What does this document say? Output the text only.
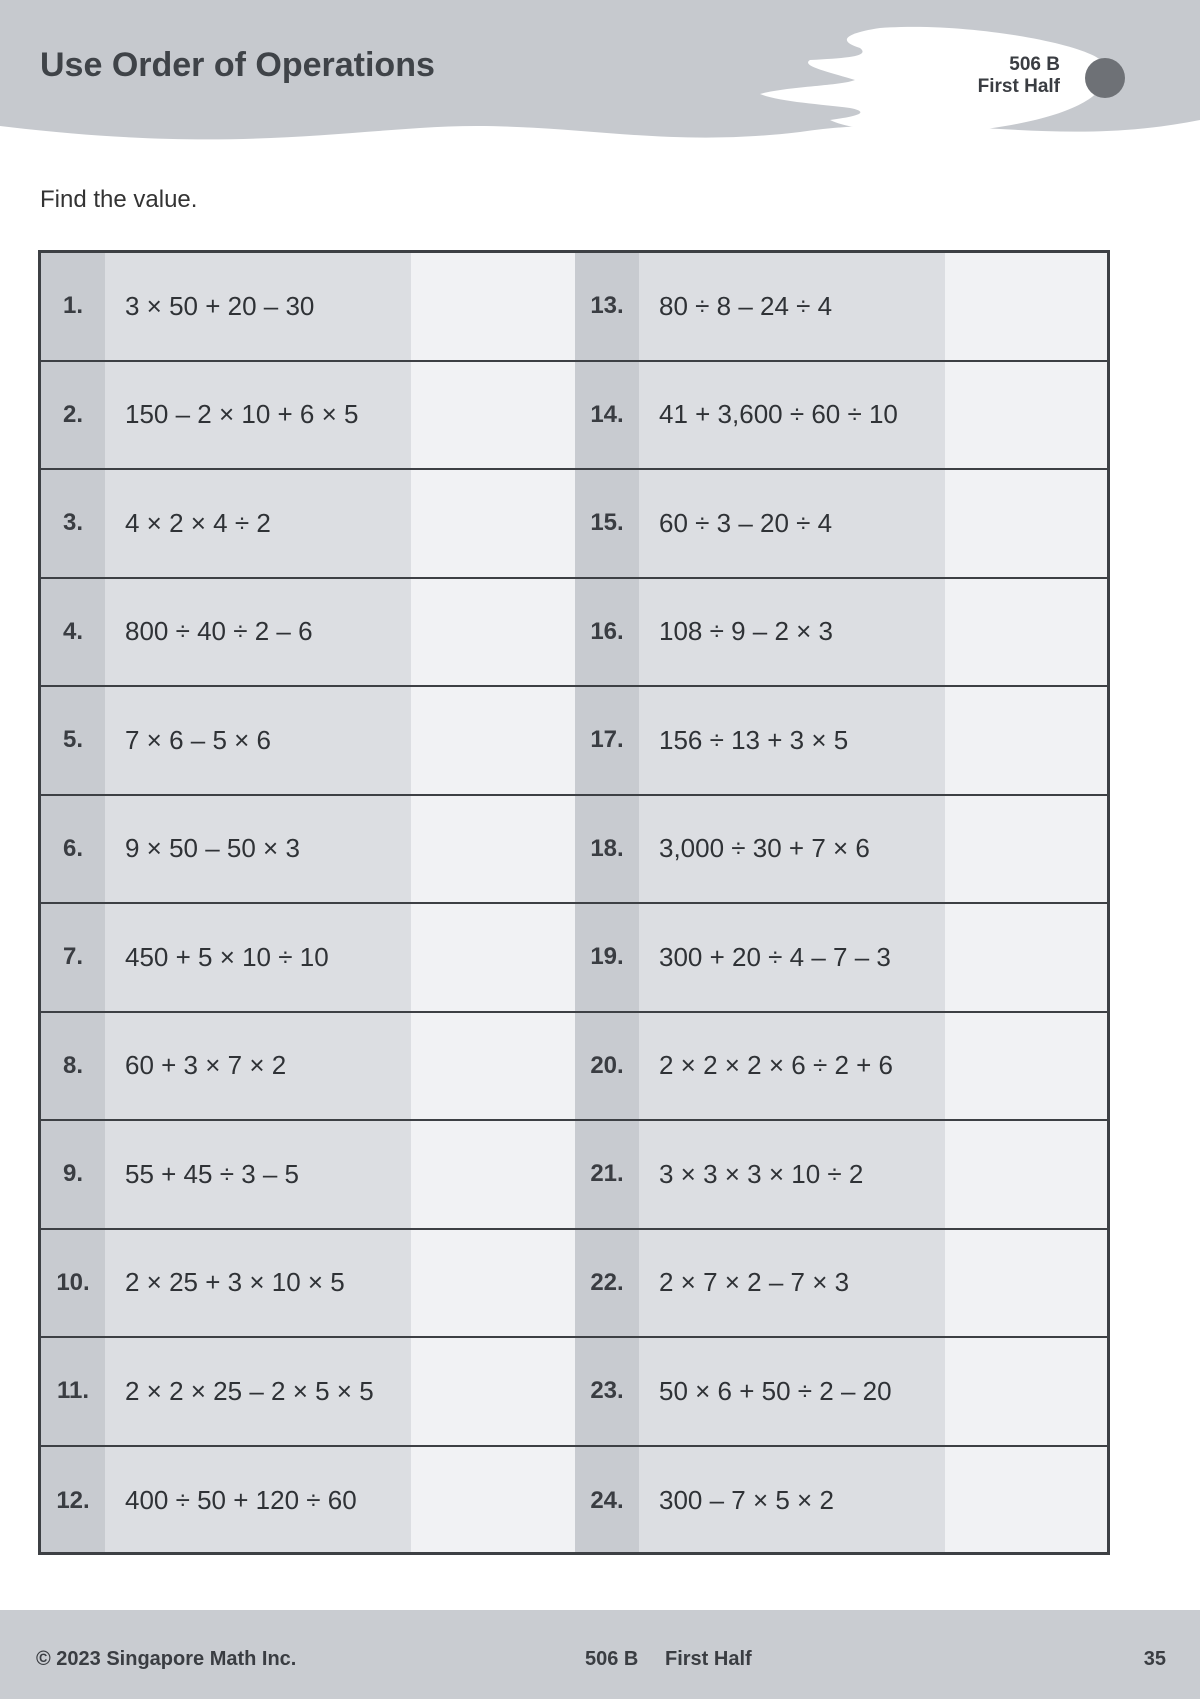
Use Order of Operations	506 B
First Half
Find the value.
1.	3 × 50 + 20 – 30	13.	80 ÷ 8 – 24 ÷ 4
2.	150 – 2 × 10 + 6 × 5	14.	41 + 3,600 ÷ 60 ÷ 10
3.	4 × 2 × 4 ÷ 2	15.	60 ÷ 3 – 20 ÷ 4
4.	800 ÷ 40 ÷ 2 – 6	16.	108 ÷ 9 – 2 × 3
5.	7 × 6 – 5 × 6	17.	156 ÷ 13 + 3 × 5
6.	9 × 50 – 50 × 3	18.	3,000 ÷ 30 + 7 × 6
7.	450 + 5 × 10 ÷ 10	19.	300 + 20 ÷ 4 – 7 – 3
8.	60 + 3 × 7 × 2	20.	2 × 2 × 2 × 6 ÷ 2 + 6
9.	55 + 45 ÷ 3 – 5	21.	3 × 3 × 3 × 10 ÷ 2
10.	2 × 25 + 3 × 10 × 5	22.	2 × 7 × 2 – 7 × 3
11.	2 × 2 × 25 – 2 × 5 × 5	23.	50 × 6 + 50 ÷ 2 – 20
12.	400 ÷ 50 + 120 ÷ 60	24.	300 – 7 × 5 × 2
© 2023 Singapore Math Inc.	506 B First Half	35
